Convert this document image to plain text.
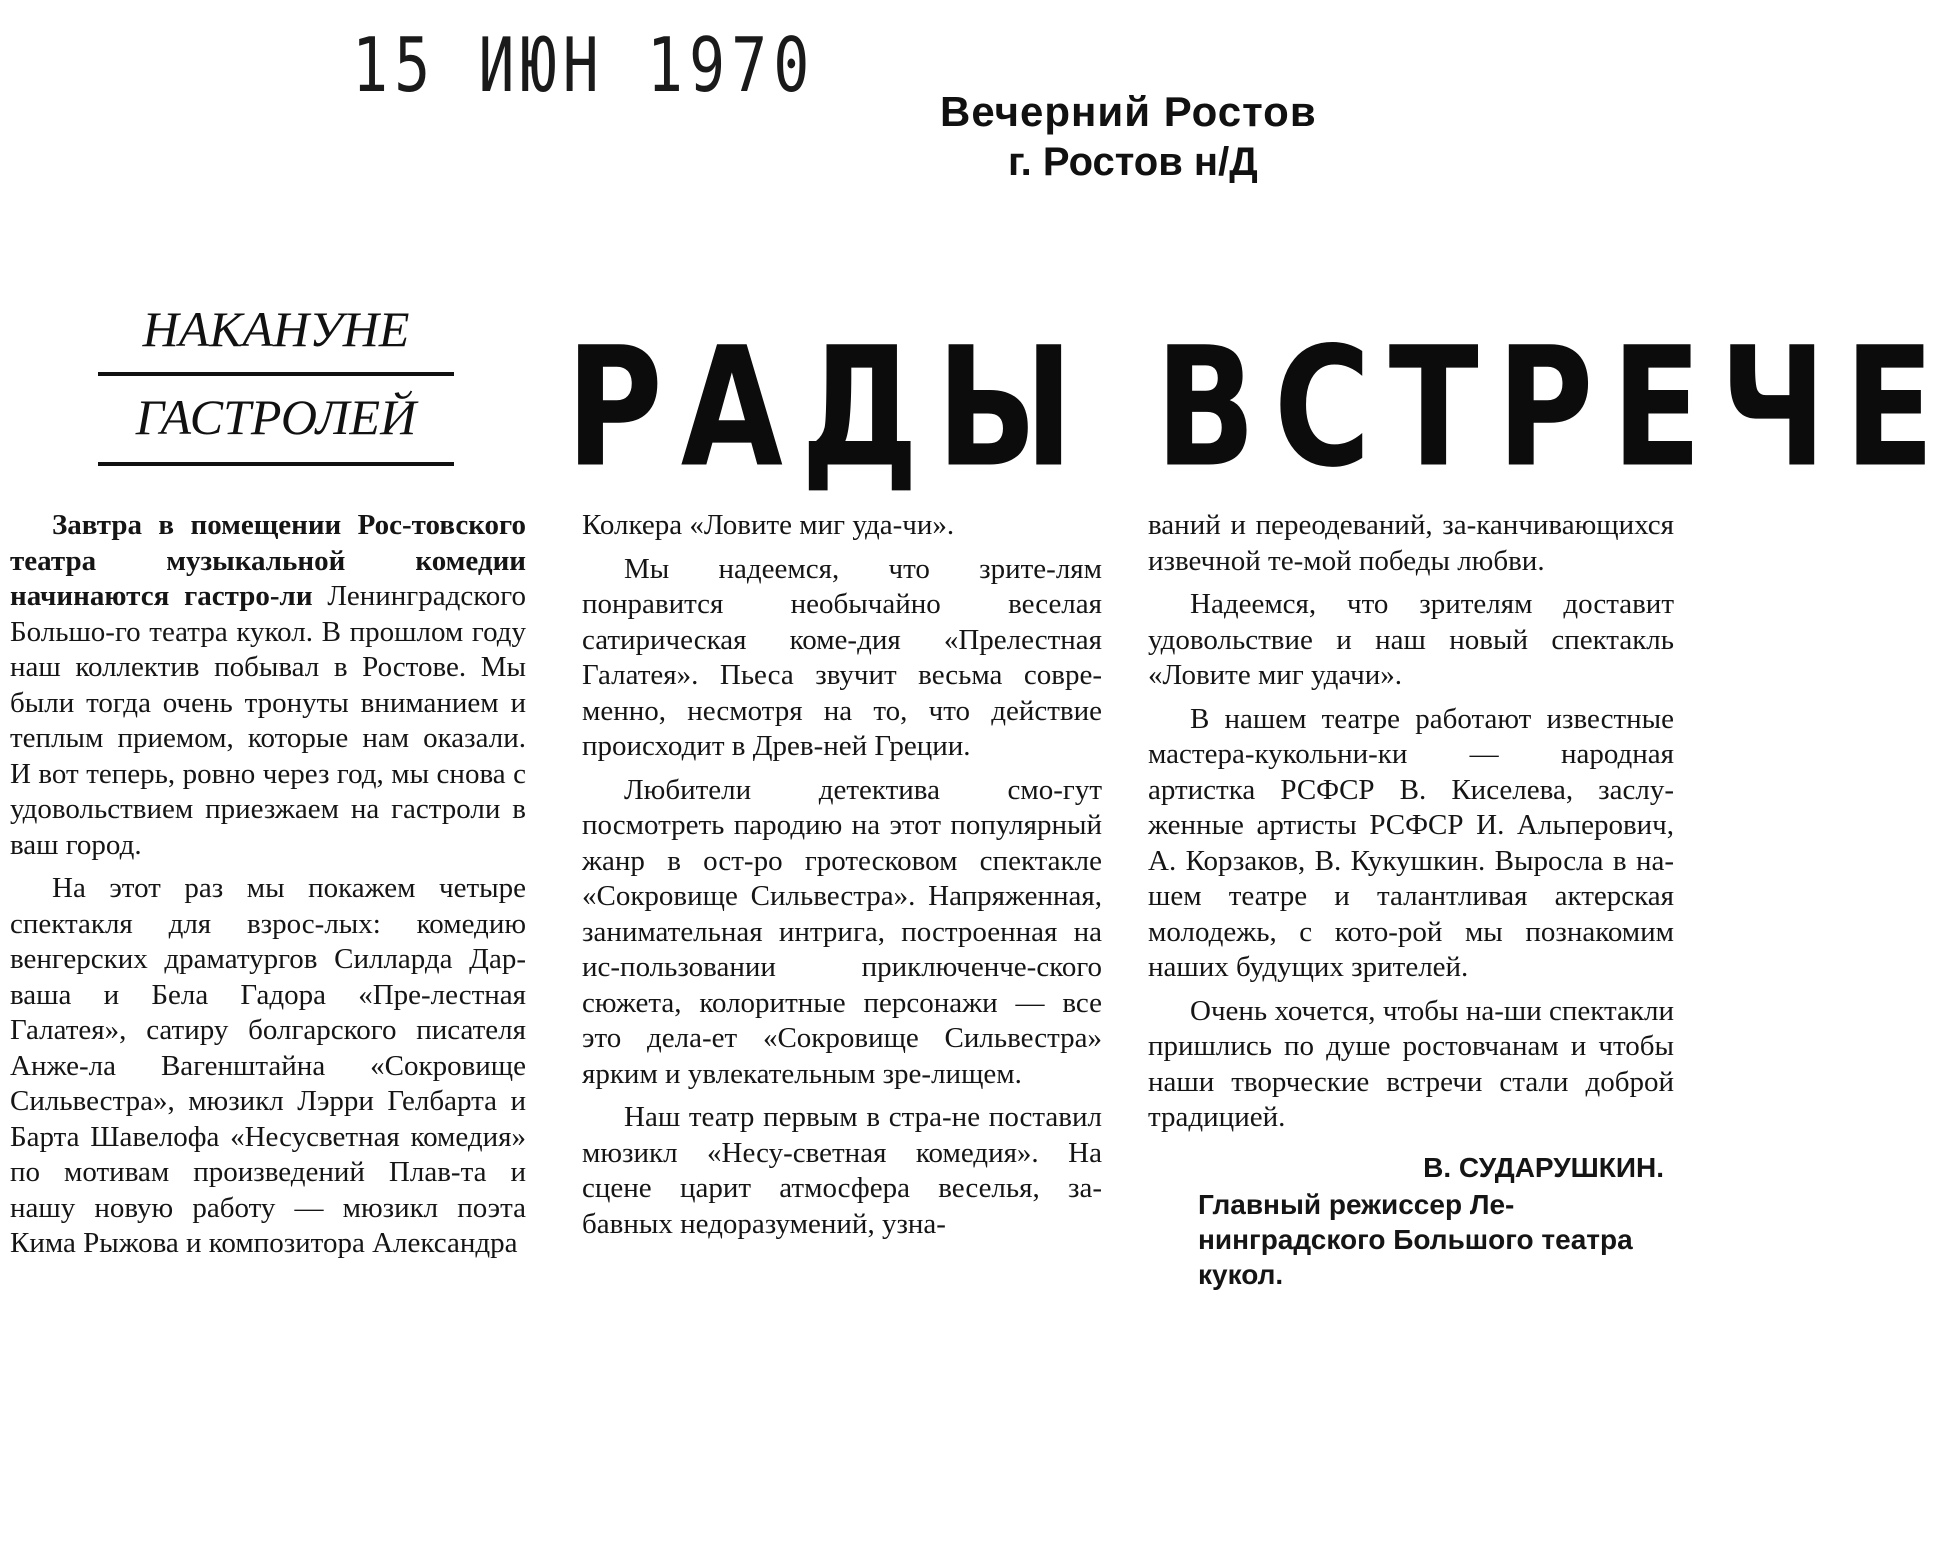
15 ИЮН 1970
Вечерний Ростов
г. Ростов н/Д
НАКАНУНЕ
ГАСТРОЛЕЙ РАДЫ ВСТРЕЧЕ

Завтра в помещении Рос-товского театра музыкальной комедии начинаются гастро-ли Ленинградского Большо-го театра кукол. В прошлом году наш коллектив побывал в Ростове. Мы были тогда очень тронуты вниманием и теплым приемом, которые нам оказали. И вот теперь, ровно через год, мы снова с удовольствием приезжаем на гастроли в ваш город.

На этот раз мы покажем четыре спектакля для взрос-лых: комедию венгерских драматургов Силларда Дар-ваша и Бела Гадора «Пре-лестная Галатея», сатиру болгарского писателя Анже-ла Вагенштайна «Сокровище Сильвестра», мюзикл Лэрри Гелбарта и Барта Шавелофа «Несусветная комедия» по мотивам произведений Плав-та и нашу новую работу — мюзикл поэта Кима Рыжова и композитора Александра

Колкера «Ловите миг уда-чи».

Мы надеемся, что зрите-лям понравится необычайно веселая сатирическая коме-дия «Прелестная Галатея». Пьеса звучит весьма совре-менно, несмотря на то, что действие происходит в Древ-ней Греции.

Любители детектива смо-гут посмотреть пародию на этот популярный жанр в ост-ро гротесковом спектакле «Сокровище Сильвестра». Напряженная, занимательная интрига, построенная на ис-пользовании приключенче-ского сюжета, колоритные персонажи — все это дела-ет «Сокровище Сильвестра» ярким и увлекательным зре-лищем.

Наш театр первым в стра-не поставил мюзикл «Несу-светная комедия». На сцене царит атмосфера веселья, за-бавных недоразумений, узна-

ваний и переодеваний, за-канчивающихся извечной те-мой победы любви.

Надеемся, что зрителям доставит удовольствие и наш новый спектакль «Ловите миг удачи».

В нашем театре работают известные мастера-кукольни-ки — народная артистка РСФСР В. Киселева, заслу-женные артисты РСФСР И. Альперович, А. Корзаков, В. Кукушкин. Выросла в на-шем театре и талантливая актерская молодежь, с кото-рой мы познакомим наших будущих зрителей.

Очень хочется, чтобы на-ши спектакли пришлись по душе ростовчанам и чтобы наши творческие встречи стали доброй традицией.

В. СУДАРУШКИН.
Главный режиссер Ле-нинградского Большого театра кукол.
